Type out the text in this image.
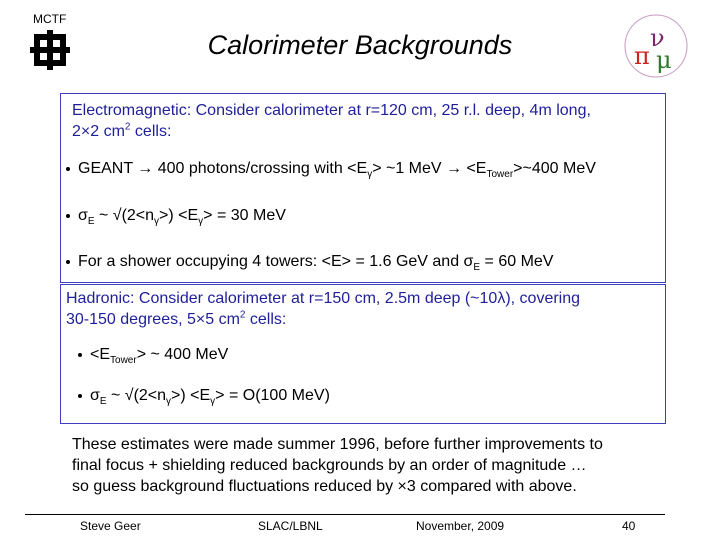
MCTF
Calorimeter Backgrounds	ν
π μ
Electromagnetic: Consider calorimeter at r=120 cm, 25 r.l. deep, 4m long,
2×2 $cm^2$ cells:
GEANT → 400 photons/crossing with $<E_\gamma>$ ~1 MeV → $<E_{Tower}>\sim 400$ MeV
$\sigma_E$ ~ $√(2<n_\gamma>) <E_\gamma> = 30$ MeV
For a shower occupying 4 towers: <E> = 1.6 GeV and $\sigma_E = 60$ MeV
Hadronic: Consider calorimeter at r=150 cm, 2.5m deep (~10λ), covering
30-150 degrees, 5×5 $cm^2$ cells:
$<E_{Tower}>$ ~ 400 MeV
$\sigma_E$ ~ $√(2<n_\gamma>) <E_\gamma> = O(100$ MeV)
These estimates were made summer 1996, before further improvements to
final focus + shielding reduced backgrounds by an order of magnitude …
so guess background fluctuations reduced by ×3 compared with above.
Steve Geer	SLAC/LBNL	November, 2009	40
